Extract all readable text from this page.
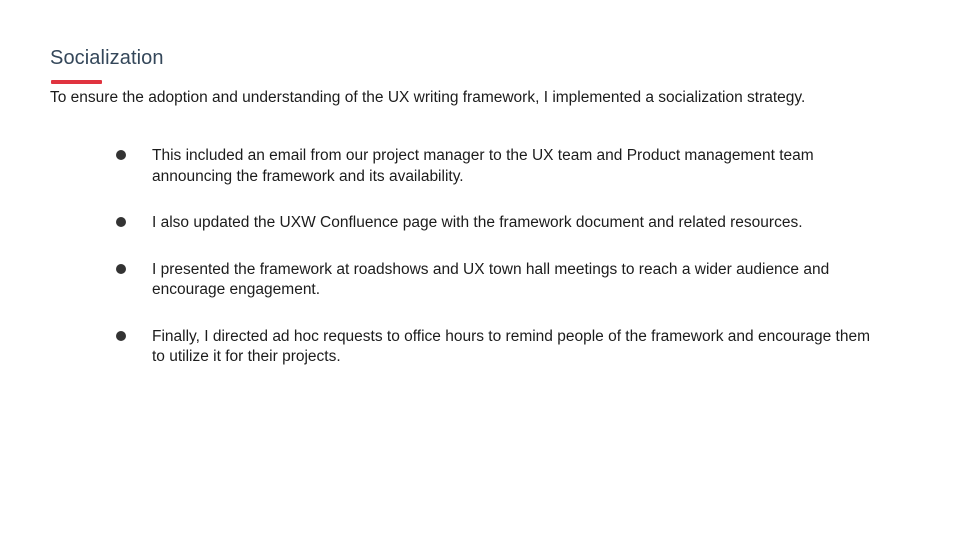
Socialization

To ensure the adoption and understanding of the UX writing framework, I implemented a socialization strategy.

This included an email from our project manager to the UX team and Product management team announcing the framework and its availability.
I also updated the UXW Confluence page with the framework document and related resources.
I presented the framework at roadshows and UX town hall meetings to reach a wider audience and encourage engagement.
Finally, I directed ad hoc requests to office hours to remind people of the framework and encourage them to utilize it for their projects.
